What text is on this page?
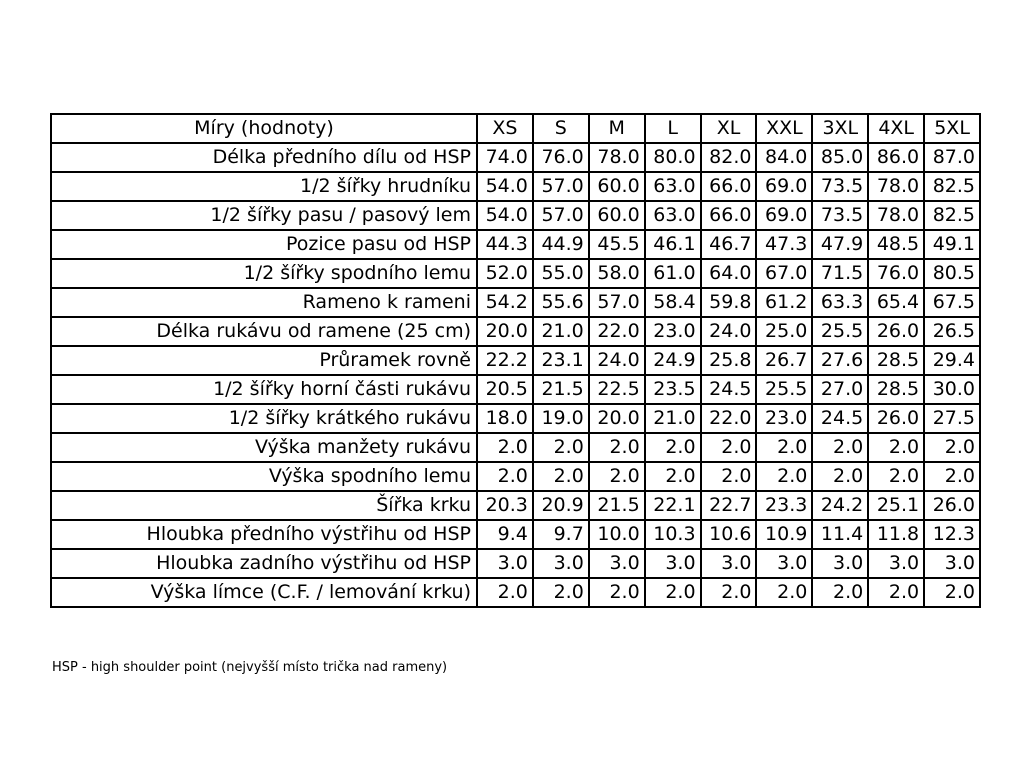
Míry (hodnoty)	XS	S	M	L	XL	XXL	3XL	4XL	5XL
Délka předního dílu od HSP	74.0	76.0	78.0	80.0	82.0	84.0	85.0	86.0	87.0
1/2 šířky hrudníku	54.0	57.0	60.0	63.0	66.0	69.0	73.5	78.0	82.5
1/2 šířky pasu / pasový lem	54.0	57.0	60.0	63.0	66.0	69.0	73.5	78.0	82.5
Pozice pasu od HSP	44.3	44.9	45.5	46.1	46.7	47.3	47.9	48.5	49.1
1/2 šířky spodního lemu	52.0	55.0	58.0	61.0	64.0	67.0	71.5	76.0	80.5
Rameno k rameni	54.2	55.6	57.0	58.4	59.8	61.2	63.3	65.4	67.5
Délka rukávu od ramene (25 cm)	20.0	21.0	22.0	23.0	24.0	25.0	25.5	26.0	26.5
Průramek rovně	22.2	23.1	24.0	24.9	25.8	26.7	27.6	28.5	29.4
1/2 šířky horní části rukávu	20.5	21.5	22.5	23.5	24.5	25.5	27.0	28.5	30.0
1/2 šířky krátkého rukávu	18.0	19.0	20.0	21.0	22.0	23.0	24.5	26.0	27.5
Výška manžety rukávu	2.0	2.0	2.0	2.0	2.0	2.0	2.0	2.0	2.0
Výška spodního lemu	2.0	2.0	2.0	2.0	2.0	2.0	2.0	2.0	2.0
Šířka krku	20.3	20.9	21.5	22.1	22.7	23.3	24.2	25.1	26.0
Hloubka předního výstřihu od HSP	9.4	9.7	10.0	10.3	10.6	10.9	11.4	11.8	12.3
Hloubka zadního výstřihu od HSP	3.0	3.0	3.0	3.0	3.0	3.0	3.0	3.0	3.0
Výška límce (C.F. / lemování krku)	2.0	2.0	2.0	2.0	2.0	2.0	2.0	2.0	2.0
HSP - high shoulder point (nejvyšší místo trička nad rameny)
